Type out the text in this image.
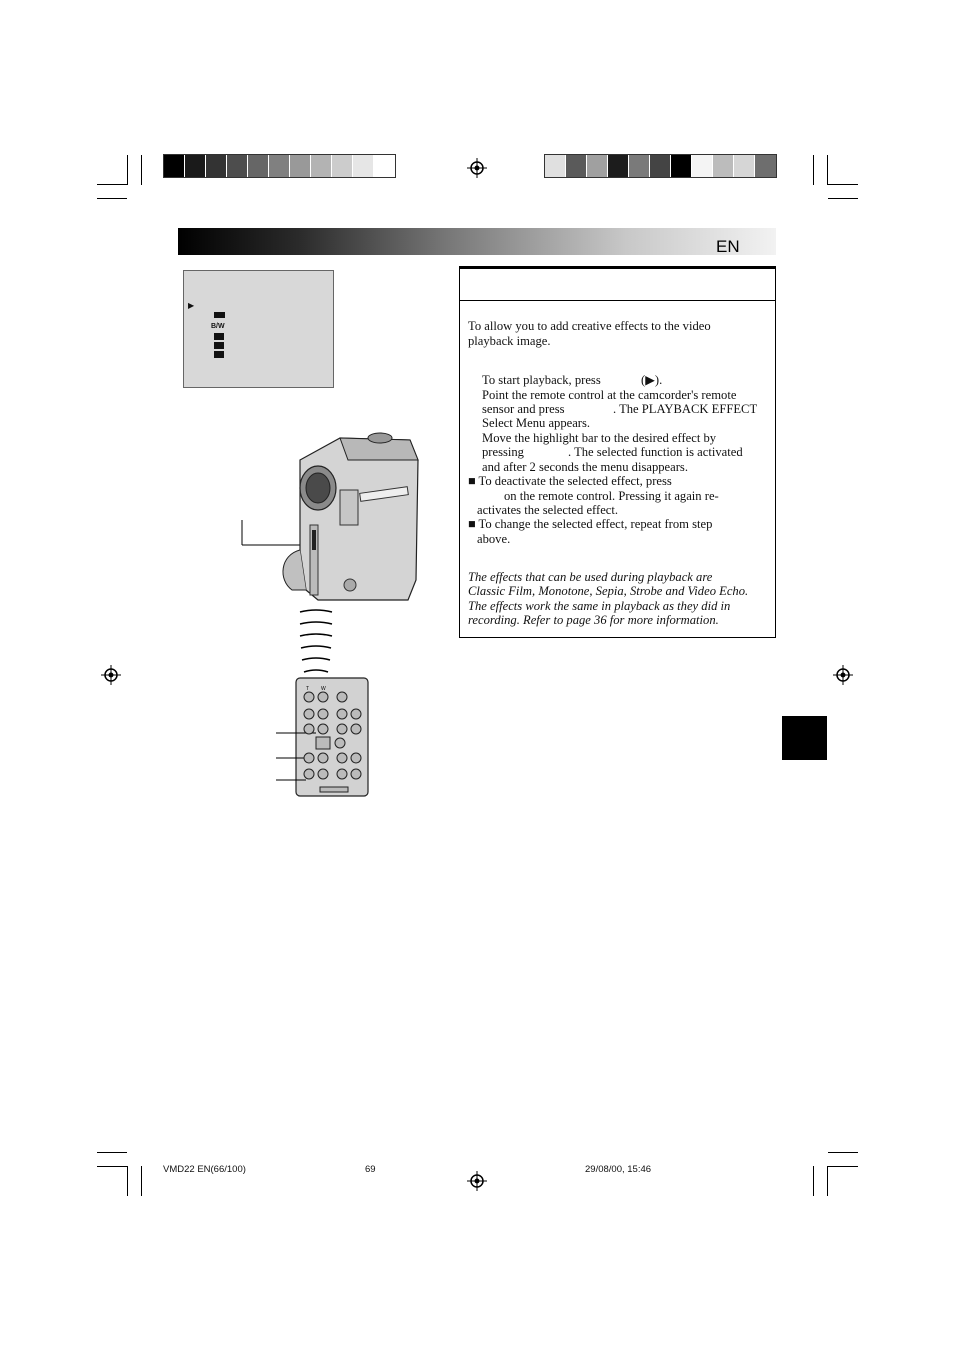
EN
▶
B/W
T W
To allow you to add creative effects to the video
playback image.
To start playback, press	(▶).
Point the remote control at the camcorder's remote
sensor and press	. The PLAYBACK EFFECT
Select Menu appears.
Move the highlight bar to the desired effect by
pressing	. The selected function is activated
and after 2 seconds the menu disappears.
■ To deactivate the selected effect, press
on the remote control. Pressing it again re-
activates the selected effect.
■ To change the selected effect, repeat from step
above.
The effects that can be used during playback are
Classic Film, Monotone, Sepia, Strobe and Video Echo.
The effects work the same in playback as they did in
recording. Refer to page 36 for more information.
VMD22 EN(66/100)	69	29/08/00, 15:46
